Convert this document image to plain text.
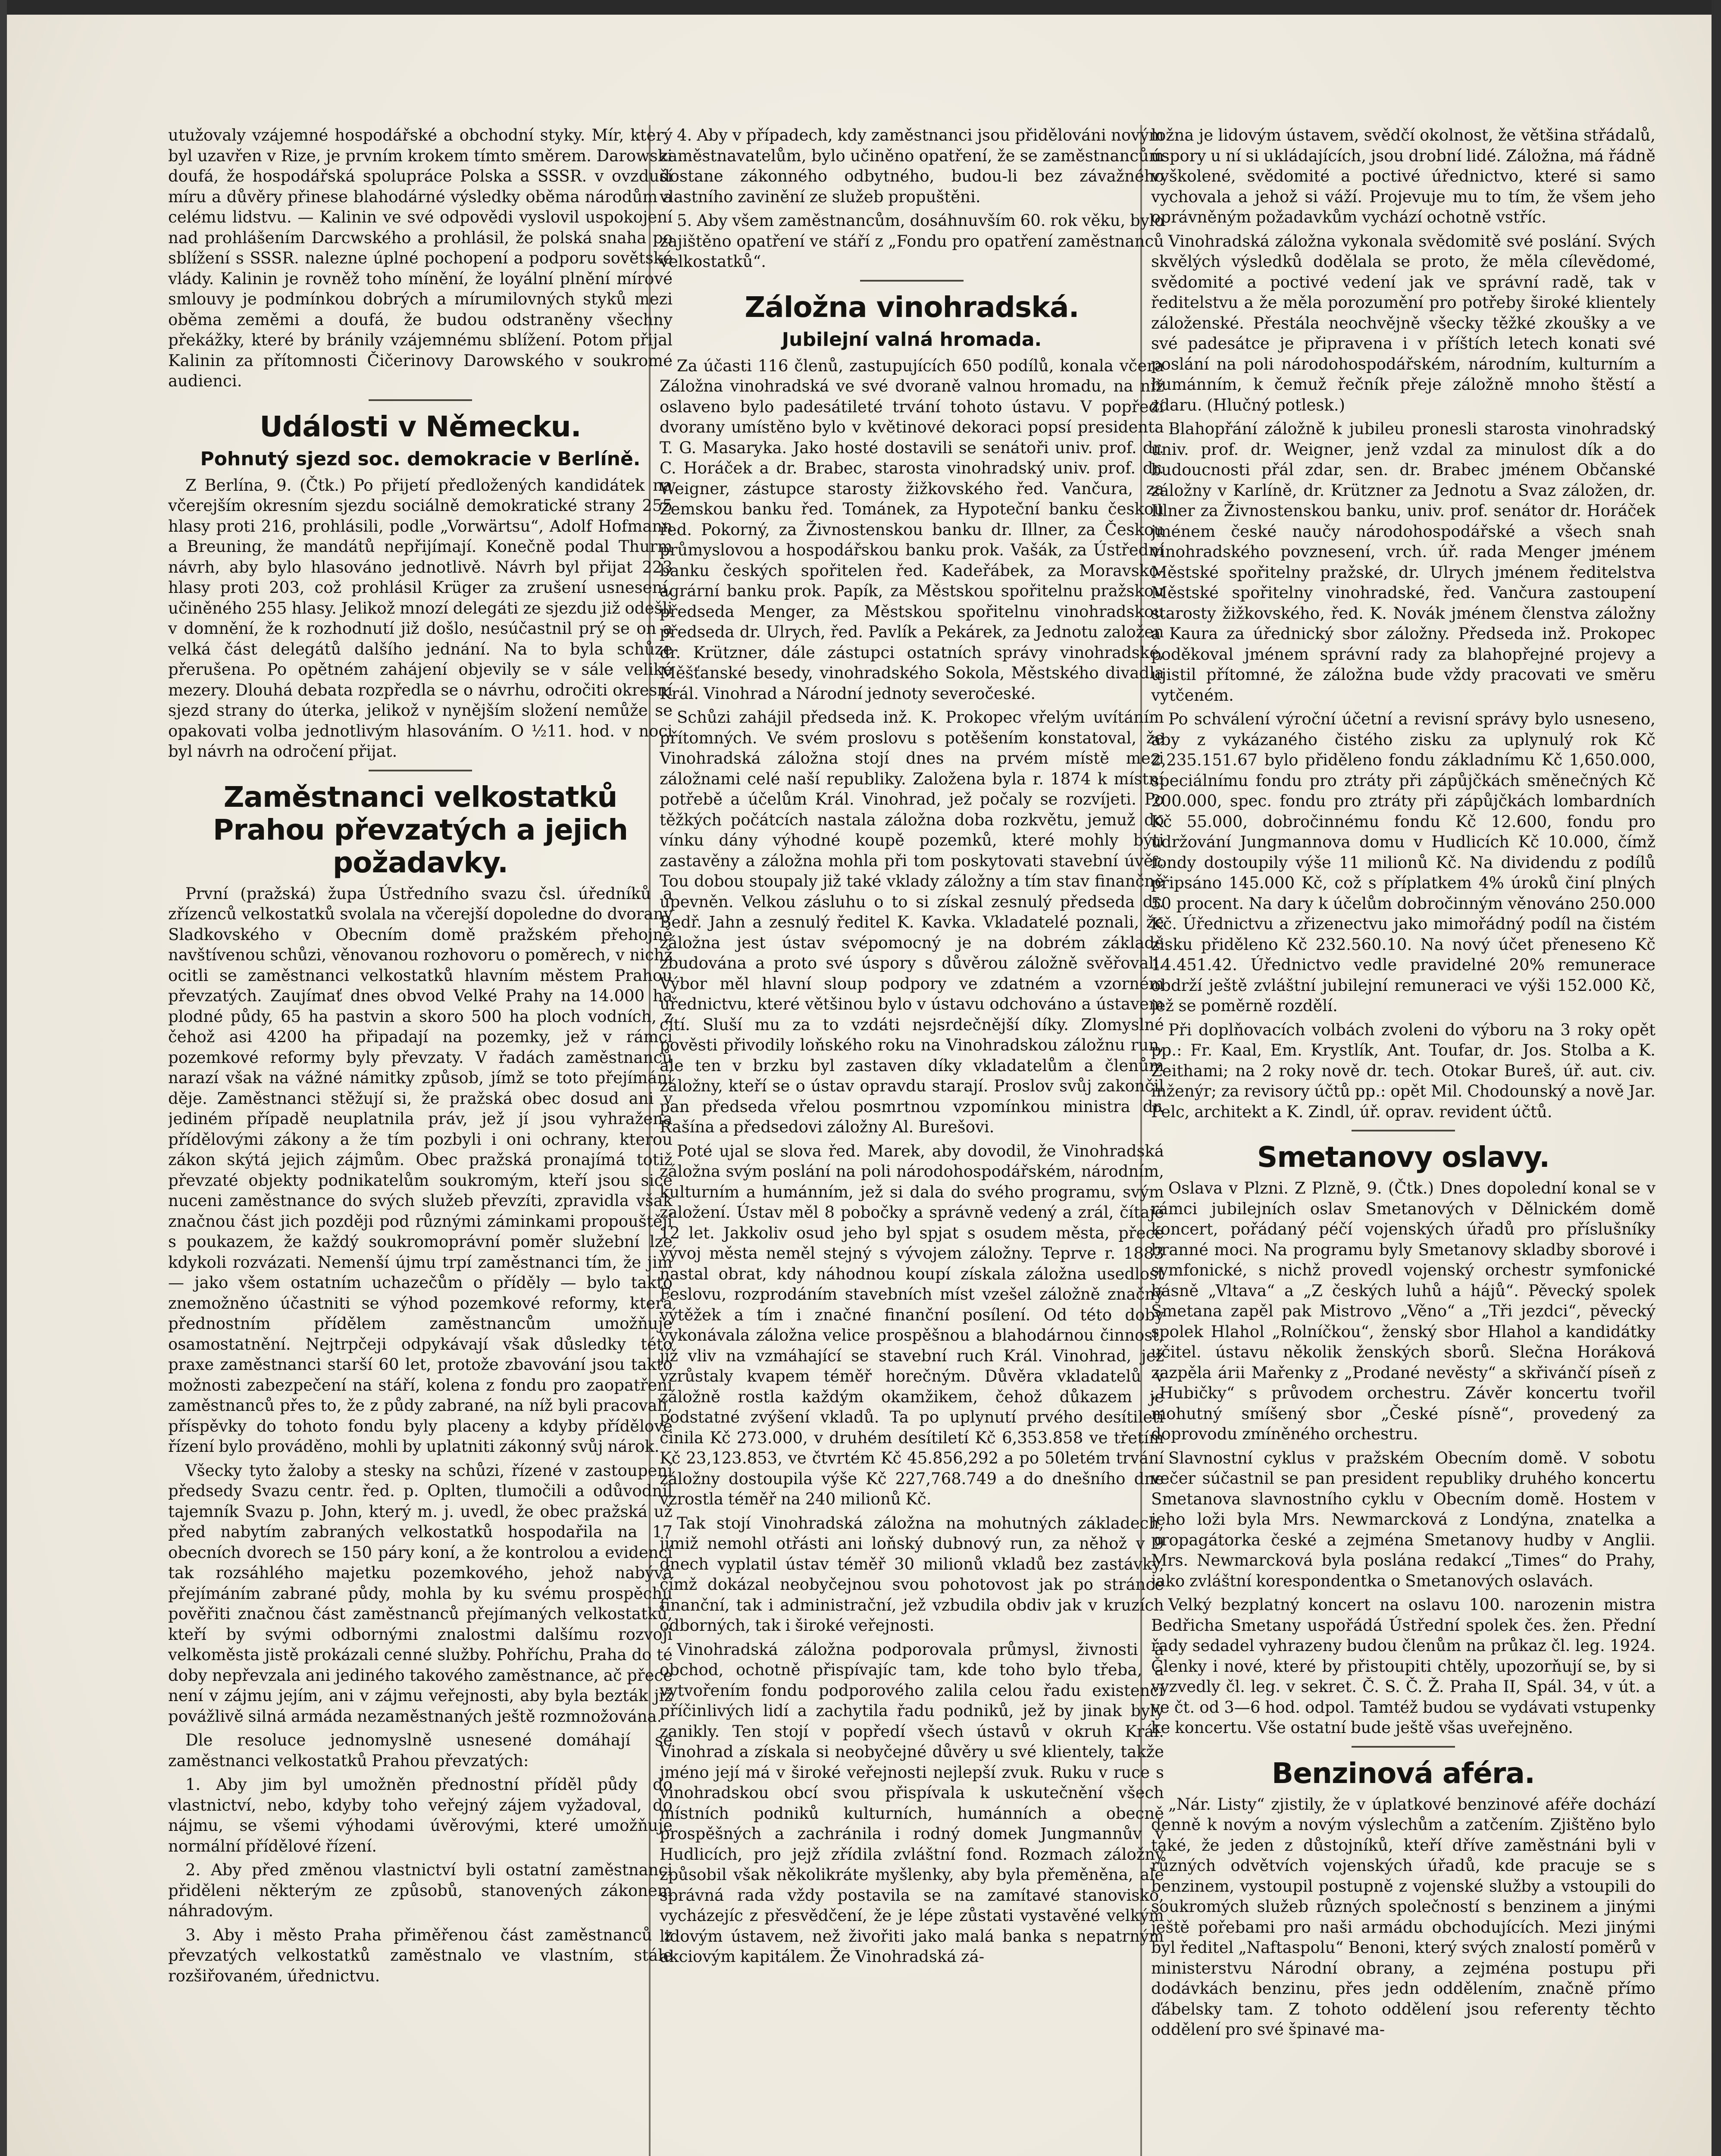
utužovaly vzájemné hospodářské a obchodní styky. Mír, který byl uzavřen v Rize, je prvním krokem tímto směrem. Darowski doufá, že hospodářská spolupráce Polska a SSSR. v ovzduší míru a důvěry přinese blahodárné výsledky oběma národům a celému lidstvu. — Kalinin ve své odpovědi vyslovil uspokojení nad prohlášením Darcwského a prohlásil, že polská snaha po sblížení s SSSR. nalezne úplné pochopení a podporu sovětské vlády. Kalinin je rovněž toho mínění, že loyální plnění mírové smlouvy je podmínkou dobrých a mírumilovných styků mezi oběma zeměmi a doufá, že budou odstraněny všechny překážky, které by bránily vzájemnému sblížení. Potom přijal Kalinin za přítomnosti Čičerinovy Darowského v soukromé audienci.

Události v Německu.
Pohnutý sjezd soc. demokracie v Berlíně.

Z Berlína, 9. (Čtk.) Po přijetí předložených kandidátek na včerejším okresním sjezdu sociálně demokratické strany 255 hlasy proti 216, prohlásili, podle „Vorwärtsu“, Adolf Hofmann a Breuning, že mandátů nepřijímají. Konečně podal Thurm návrh, aby bylo hlasováno jednotlivě. Návrh byl přijat 223 hlasy proti 203, což prohlásil Krüger za zrušení usnesení, učiněného 255 hlasy. Jelikož mnozí delegáti ze sjezdu již odešli v domnění, že k rozhodnutí již došlo, nesúčastnil prý se on a velká část delegátů dalšího jednání. Na to byla schůze přerušena. Po opětném zahájení objevily se v sále veliké mezery. Dlouhá debata rozpředla se o návrhu, odročiti okresní sjezd strany do úterka, jelikož v nynějším složení nemůže se opakovati volba jednotlivým hlasováním. O ½11. hod. v noci byl návrh na odročení přijat.

Zaměstnanci velkostatků Prahou převzatých a jejich požadavky.

První (pražská) župa Ústředního svazu čsl. úředníků a zřízenců velkostatků svolala na včerejší dopoledne do dvorany Sladkovského v Obecním domě pražském přehojně navštívenou schůzi, věnovanou rozhovoru o poměrech, v nichž ocitli se zaměstnanci velkostatků hlavním městem Prahou převzatých. Zaujímať dnes obvod Velké Prahy na 14.000 ha plodné půdy, 65 ha pastvin a skoro 500 ha ploch vodních, z čehož asi 4200 ha připadají na pozemky, jež v rámci pozemkové reformy byly převzaty. V řadách zaměstnanců narazí však na vážné námitky způsob, jímž se toto přejímání děje. Zaměstnanci stěžují si, že pražská obec dosud ani v jediném případě neuplatnila práv, jež jí jsou vyhražena přídělovými zákony a že tím pozbyli i oni ochrany, kterou zákon skýtá jejich zájmům. Obec pražská pronajímá totiž převzaté objekty podnikatelům soukromým, kteří jsou sice nuceni zaměstnance do svých služeb převzíti, zpravidla však značnou část jich později pod různými záminkami propouštějí s poukazem, že každý soukromoprávní poměr služební lze kdykoli rozvázati. Nemenší újmu trpí zaměstnanci tím, že jim — jako všem ostatním uchazečům o příděly — bylo takto znemožněno účastniti se výhod pozemkové reformy, která přednostním přídělem zaměstnancům umožňuje osamostatnění. Nejtrpčeji odpykávají však důsledky této praxe zaměstnanci starší 60 let, protože zbavování jsou takto možnosti zabezpečení na stáří, kolena z fondu pro zaopatření zaměstnanců přes to, že z půdy zabrané, na níž byli pracovali, příspěvky do tohoto fondu byly placeny a kdyby přídělové řízení bylo prováděno, mohli by uplatniti zákonný svůj nárok.

Všecky tyto žaloby a stesky na schůzi, řízené v zastoupení předsedy Svazu centr. řed. p. Oplten, tlumočili a odůvodnil tajemník Svazu p. John, který m. j. uvedl, že obec pražská už před nabytím zabraných velkostatků hospodařila na 17 obecních dvorech se 150 páry koní, a že kontrolou a evidencí tak rozsáhlého majetku pozemkového, jehož nabývá přejímáním zabrané půdy, mohla by ku svému prospěchu pověřiti značnou část zaměstnanců přejímaných velkostatků, kteří by svými odbornými znalostmi dalšímu rozvoji velkoměsta jistě prokázali cenné služby. Pohříchu, Praha do té doby nepřevzala ani jediného takového zaměstnance, ač přece není v zájmu jejím, ani v zájmu veřejnosti, aby byla bezták již povážlivě silná armáda nezaměstnaných ještě rozmnožována.

Dle resoluce jednomyslně usnesené domáhají se zaměstnanci velkostatků Prahou převzatých:

1. Aby jim byl umožněn přednostní příděl půdy do vlastnictví, nebo, kdyby toho veřejný zájem vyžadoval, do nájmu, se všemi výhodami úvěrovými, které umožňuje normální přídělové řízení.

2. Aby před změnou vlastnictví byli ostatní zaměstnanci přiděleni některým ze způsobů, stanovených zákonem náhradovým.

3. Aby i město Praha přiměřenou část zaměstnanců z převzatých velkostatků zaměstnalo ve vlastním, stále rozšiřovaném, úřednictvu.

4. Aby v případech, kdy zaměstnanci jsou přidělováni novým zaměstnavatelům, bylo učiněno opatření, že se zaměstnancům dostane zákonného odbytného, budou-li bez závažného vlastního zavinění ze služeb propuštěni.

5. Aby všem zaměstnancům, dosáhnuvším 60. rok věku, bylo zajištěno opatření ve stáří z „Fondu pro opatření zaměstnanců velkostatků“.

Záložna vinohradská.
Jubilejní valná hromada.

Za účasti 116 členů, zastupujících 650 podílů, konala včera Záložna vinohradská ve své dvoraně valnou hromadu, na níž oslaveno bylo padesátileté trvání tohoto ústavu. V popředí dvorany umístěno bylo v květinové dekoraci popsí presidenta T. G. Masaryka. Jako hosté dostavili se senátoři univ. prof. dr. C. Horáček a dr. Brabec, starosta vinohradský univ. prof. dr. Weigner, zástupce starosty žižkovského řed. Vančura, za Zemskou banku řed. Tománek, za Hypoteční banku českou řed. Pokorný, za Živnostenskou banku dr. Illner, za Českou průmyslovou a hospodářskou banku prok. Vašák, za Ústřední banku českých spořitelen řed. Kadeřábek, za Moravsko-agrární banku prok. Papík, za Městskou spořitelnu pražskou předseda Menger, za Městskou spořitelnu vinohradskou předseda dr. Ulrych, řed. Pavlík a Pekárek, za Jednotu založen dr. Krützner, dále zástupci ostatních správy vinohradské, Měšťanské besedy, vinohradského Sokola, Městského divadla Král. Vinohrad a Národní jednoty severočeské.

Schůzi zahájil předseda inž. K. Prokopec vřelým uvítáním přítomných. Ve svém proslovu s potěšením konstatoval, že Vinohradská záložna stojí dnes na prvém místě mezi záložnami celé naší republiky. Založena byla r. 1874 k místní potřebě a účelům Král. Vinohrad, jež počaly se rozvíjeti. Po těžkých počátcích nastala záložna doba rozkvětu, jemuž do vínku dány výhodné koupě pozemků, které mohly býti zastavěny a záložna mohla při tom poskytovati stavební úvěr. Tou dobou stoupaly již také vklady záložny a tím stav finančně upevněn. Velkou zásluhu o to si získal zesnulý předseda dr. Bedř. Jahn a zesnulý ředitel K. Kavka. Vkladatelé poznali, že záložna jest ústav svépomocný je na dobrém základě zbudována a proto své úspory s důvěrou záložně svěřovali. Výbor měl hlavní sloup podpory ve zdatném a vzorném úřednictvu, které většinou bylo v ústavu odchováno a ústavem cítí. Sluší mu za to vzdáti nejsrdečnější díky. Zlomyslné pověsti přivodily loňského roku na Vinohradskou záložnu run, ale ten v brzku byl zastaven díky vkladatelům a členům záložny, kteří se o ústav opravdu starají. Proslov svůj zakončil pan předseda vřelou posmrtnou vzpomínkou ministra dr. Rašína a předsedovi záložny Al. Burešovi.

Poté ujal se slova řed. Marek, aby dovodil, že Vinohradská záložna svým poslání na poli národohospodářském, národním, kulturním a humánním, jež si dala do svého programu, svým založení. Ústav měl 8 pobočky a správně vedený a zrál, čítaje 12 let. Jakkoliv osud jeho byl spjat s osudem města, přece vývoj města neměl stejný s vývojem záložny. Teprve r. 1883 nastal obrat, kdy náhodnou koupí získala záložna usedlost Feslovu, rozprodáním stavebních míst vzešel záložně značný výtěžek a tím i značné finanční posílení. Od této doby vykonávala záložna velice prospěšnou a blahodárnou činnost, jíž vliv na vzmáhající se stavební ruch Král. Vinohrad, jež vzrůstaly kvapem téměř horečným. Důvěra vkladatelů v záložně rostla každým okamžikem, čehož důkazem je podstatné zvýšení vkladů. Ta po uplynutí prvého desítiletí činila Kč 273.000, v druhém desítiletí Kč 6,353.858 ve třetím Kč 23,123.853, ve čtvrtém Kč 45.856,292 a po 50letém trvání záložny dostoupila výše Kč 227,768.749 a do dnešního dne vzrostla téměř na 240 milionů Kč.

Tak stojí Vinohradská záložna na mohutných základech, jimiž nemohl otřásti ani loňský dubnový run, za něhož v 9 dnech vyplatil ústav téměř 30 milionů vkladů bez zastávky, čímž dokázal neobyčejnou svou pohotovost jak po stránce finanční, tak i administrační, jež vzbudila obdiv jak v kruzích odborných, tak i široké veřejnosti.

Vinohradská záložna podporovala průmysl, živnosti a obchod, ochotně přispívajíc tam, kde toho bylo třeba, a vytvořením fondu podporového zalila celou řadu existencí příčinlivých lidí a zachytila řadu podniků, jež by jinak byly zanikly. Ten stojí v popředí všech ústavů v okruh Král. Vinohrad a získala si neobyčejné důvěry u své klientely, takže jméno její má v široké veřejnosti nejlepší zvuk. Ruku v ruce s vinohradskou obcí svou přispívala k uskutečnění všech místních podniků kulturních, humánních a obecně prospěšných a zachránila i rodný domek Jungmannův v Hudlicích, pro jejž zřídila zvláštní fond. Rozmach záložny způsobil však několikráte myšlenky, aby byla přeměněna, ale správná rada vždy postavila se na zamítavé stanovisko, vycházejíc z přesvědčení, že je lépe zůstati vystavěné velkým lidovým ústavem, než živořiti jako malá banka s nepatrným akciovým kapitálem. Že Vinohradská zá-

ložna je lidovým ústavem, svědčí okolnost, že většina střádalů, úspory u ní si ukládajících, jsou drobní lidé. Záložna, má řádně vyškolené, svědomité a poctivé úřednictvo, které si samo vychovala a jehož si váží. Projevuje mu to tím, že všem jeho oprávněným požadavkům vychází ochotně vstříc.

Vinohradská záložna vykonala svědomitě své poslání. Svých skvělých výsledků dodělala se proto, že měla cílevědomé, svědomité a poctivé vedení jak ve správní radě, tak v ředitelstvu a že měla porozumění pro potřeby široké klientely záloženské. Přestála neochvějně všecky těžké zkoušky a ve své padesátce je připravena i v příštích letech konati své poslání na poli národohospodářském, národním, kulturním a humánním, k čemuž řečník přeje záložně mnoho štěstí a zdaru. (Hlučný potlesk.)

Blahopřání záložně k jubileu pronesli starosta vinohradský univ. prof. dr. Weigner, jenž vzdal za minulost dík a do budoucnosti přál zdar, sen. dr. Brabec jménem Občanské záložny v Karlíně, dr. Krützner za Jednotu a Svaz záložen, dr. Illner za Živnostenskou banku, univ. prof. senátor dr. Horáček jménem české naučy národohospodářské a všech snah vinohradského povznesení, vrch. úř. rada Menger jménem Městské spořitelny pražské, dr. Ulrych jménem ředitelstva Městské spořitelny vinohradské, řed. Vančura zastoupení starosty žižkovského, řed. K. Novák jménem členstva záložny a Kaura za úřednický sbor záložny. Předseda inž. Prokopec poděkoval jménem správní rady za blahopřejné projevy a ujistil přítomné, že záložna bude vždy pracovati ve směru vytčeném.

Po schválení výroční účetní a revisní správy bylo usneseno, aby z vykázaného čistého zisku za uplynulý rok Kč 2,235.151.67 bylo přiděleno fondu základnímu Kč 1,650.000, speciálnímu fondu pro ztráty při zápůjčkách směnečných Kč 200.000, spec. fondu pro ztráty při zápůjčkách lombardních Kč 55.000, dobročinnému fondu Kč 12.600, fondu pro udržování Jungmannova domu v Hudlicích Kč 10.000, čímž fondy dostoupily výše 11 milionů Kč. Na dividendu z podílů připsáno 145.000 Kč, což s příplatkem 4% úroků činí plných 50 procent. Na dary k účelům dobročinným věnováno 250.000 Kč. Úřednictvu a zřizenectvu jako mimořádný podíl na čistém zisku přiděleno Kč 232.560.10. Na nový účet přeneseno Kč 14.451.42. Úřednictvo vedle pravidelné 20% remunerace obdrží ještě zvláštní jubilejní remuneraci ve výši 152.000 Kč, jež se poměrně rozdělí.

Při doplňovacích volbách zvoleni do výboru na 3 roky opět pp.: Fr. Kaal, Em. Krystlík, Ant. Toufar, dr. Jos. Stolba a K. Zeithami; na 2 roky nově dr. tech. Otokar Bureš, úř. aut. civ. inženýr; za revisory účtů pp.: opět Mil. Chodounský a nově Jar. Pelc, architekt a K. Zindl, úř. oprav. revident účtů.

Smetanovy oslavy.

Oslava v Plzni. Z Plzně, 9. (Čtk.) Dnes dopolední konal se v rámci jubilejních oslav Smetanových v Dělnickém domě koncert, pořádaný péčí vojenských úřadů pro příslušníky branné moci. Na programu byly Smetanovy skladby sborové i symfonické, s nichž provedl vojenský orchestr symfonické básně „Vltava“ a „Z českých luhů a hájů“. Pěvecký spolek Smetana zapěl pak Mistrovo „Věno“ a „Tři jezdci“, pěvecký spolek Hlahol „Rolníčkou“, ženský sbor Hlahol a kandidátky učitel. ústavu několik ženských sborů. Slečna Horáková zazpěla árii Mařenky z „Prodané nevěsty“ a skřivánčí píseň z „Hubičky“ s průvodem orchestru. Závěr koncertu tvořil mohutný smíšený sbor „České písně“, provedený za doprovodu zmíněného orchestru.

Slavnostní cyklus v pražském Obecním domě. V sobotu večer súčastnil se pan president republiky druhého koncertu Smetanova slavnostního cyklu v Obecním domě. Hostem v jeho loži byla Mrs. Newmarcková z Londýna, znatelka a propagátorka české a zejména Smetanovy hudby v Anglii. Mrs. Newmarcková byla poslána redakcí „Times“ do Prahy, jako zvláštní korespondentka o Smetanových oslavách.

Velký bezplatný koncert na oslavu 100. narozenin mistra Bedřicha Smetany uspořádá Ústřední spolek čes. žen. Přední řady sedadel vyhrazeny budou členům na průkaz čl. leg. 1924. Členky i nové, které by přistoupiti chtěly, upozorňují se, by si vyzvedly čl. leg. v sekret. Č. S. Č. Ž. Praha II, Spál. 34, v út. a ve čt. od 3—6 hod. odpol. Tamtéž budou se vydávati vstupenky ke koncertu. Vše ostatní bude ještě všas uveřejněno.

Benzinová aféra.

„Nár. Listy“ zjistily, že v úplatkové benzinové aféře dochází denně k novým a novým výslechům a zatčením. Zjištěno bylo také, že jeden z důstojníků, kteří dříve zaměstnáni byli v různých odvětvích vojenských úřadů, kde pracuje se s benzinem, vystoupil postupně z vojenské služby a vstoupili do soukromých služeb různých společností s benzinem a jinými ještě pořebami pro naši armádu obchodujících. Mezi jinými byl ředitel „Naftaspolu“ Benoni, který svých znalostí poměrů v ministerstvu Národní obrany, a zejména postupu při dodávkách benzinu, přes jedn oddělením, značně přímo ďábelsky tam. Z tohoto oddělení jsou referenty těchto oddělení pro své špinavé ma-
